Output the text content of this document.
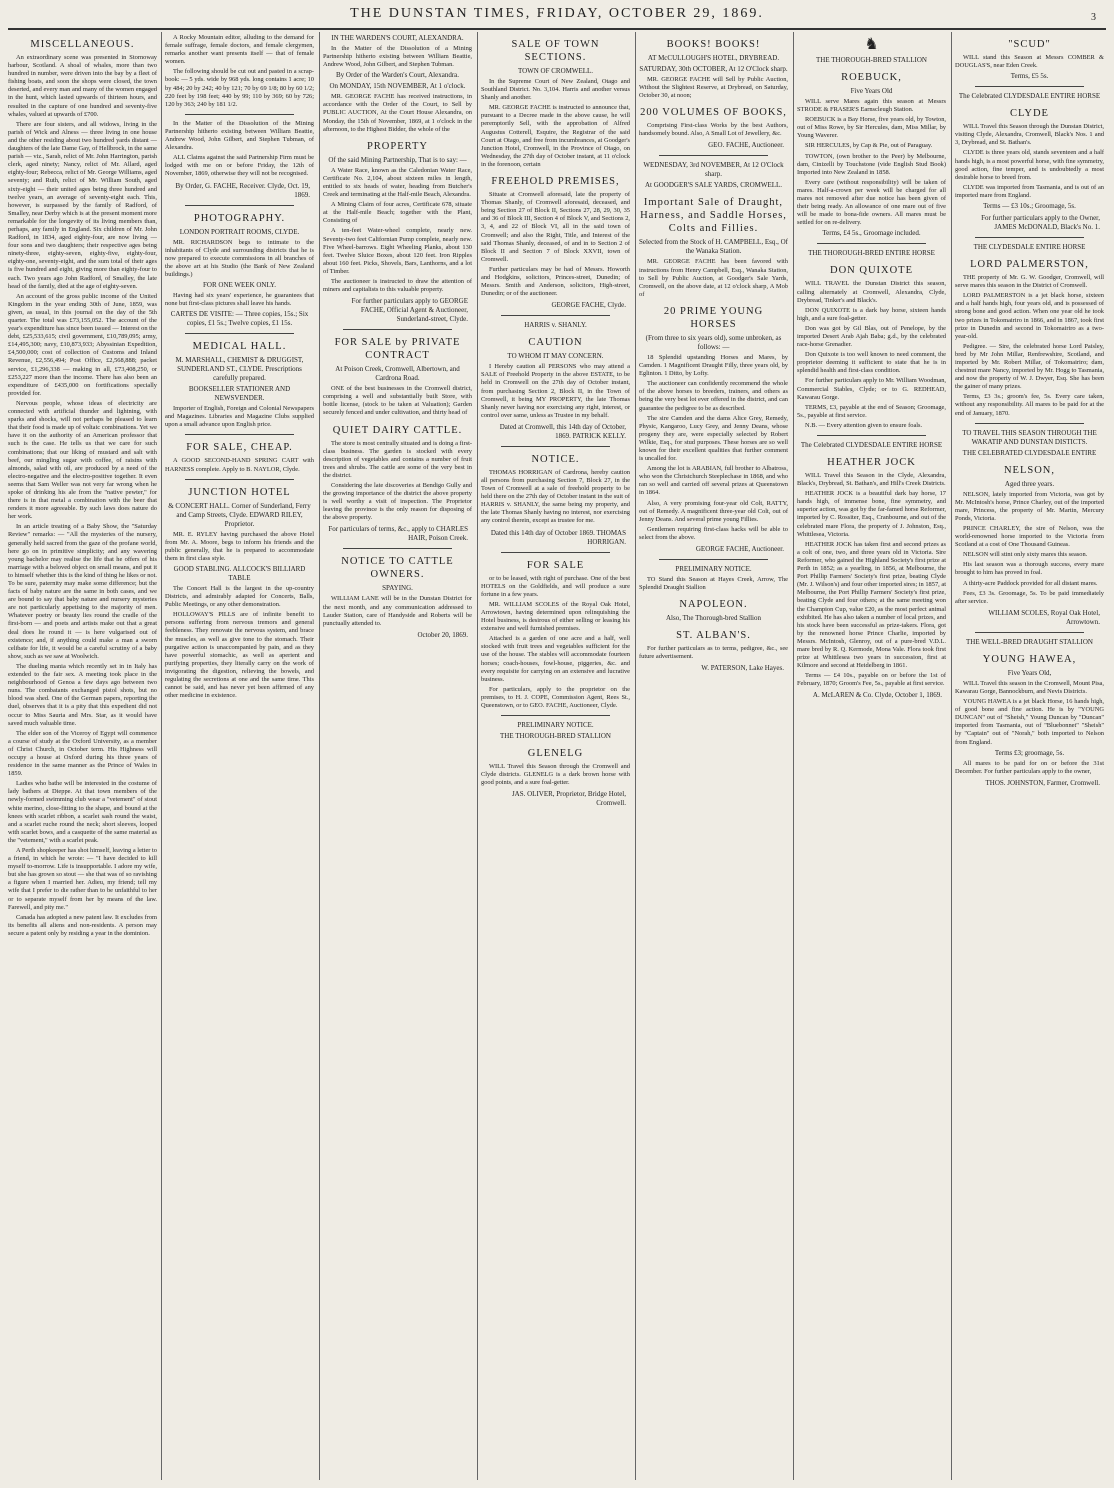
THE DUNSTAN TIMES, FRIDAY, OCTOBER 29, 1869.	3
MISCELLANEOUS.

An extraordinary scene was presented in Stornoway harbour, Scotland. A shoal of whales, more than two hundred in number, were driven into the bay by a fleet of fishing boats, and soon the shops were closed, the town deserted, and every man and many of the women engaged in the hunt, which lasted upwards of thirteen hours, and resulted in the capture of one hundred and seventy-five whales, valued at upwards of £700.

There are four sisters, and all widows, living in the parish of Wick and Alness — three living in one house and the other residing about two hundred yards distant — daughters of the late Dame Gay, of Hellbrock, in the same parish — viz., Sarah, relict of Mr. John Harrington, parish clerk, aged ninety; Nancy, relict of Mr. Allard, aged eighty-four; Rebecca, relict of Mr. George Williams, aged seventy; and Ruth, relict of Mr. William South, aged sixty-eight — their united ages being three hundred and twelve years, an average of seventy-eight each. This, however, is surpassed by the family of Radford, of Smalley, near Derby which is at the present moment more remarkable for the longevity of its living members than, perhaps, any family in England. Six children of Mr. John Radford, in 1834, aged eighty-four, are now living — four sons and two daughters; their respective ages being ninety-three, eighty-seven, eighty-five, eighty-four, eighty-one, seventy-eight, and the sum total of their ages is five hundred and eight, giving more than eighty-four to each. Two years ago John Radford, of Smalley, the late head of the family, died at the age of eighty-seven.

An account of the gross public income of the United Kingdom in the year ending 30th of June, 1859, was given, as usual, in this journal on the day of the 5th quarter. The total was £73,155,052. The account of the year's expenditure has since been issued — Interest on the debt, £25,533,615; civil government, £10,789,095; army, £14,495,300; navy, £10,873,933; Abyssinian Expedition, £4,500,000; cost of collection of Customs and Inland Revenue, £2,556,494; Post Office, £2,568,888; packet service, £1,296,338 — making in all, £73,408,250, or £253,227 more than the income. There has also been an expenditure of £435,000 on fortifications specially provided for.

Nervous people, whose ideas of electricity are connected with artificial thunder and lightning, with sparks and shocks, will not perhaps be pleased to learn that their food is made up of voltaic combinations. Yet we have it on the authority of an American professor that such is the case. He tells us that we care for such combinations; that our liking of mustard and salt with beef, our mingling sugar with coffee, of raisins with almonds, salad with oil, are produced by a need of the electro-negative and the electro-positive together. It even seems that Sam Weller was not very far wrong when he spoke of drinking his ale from the "native pewter," for there is in that metal a combination with the beer that renders it more agreeable. By such laws does nature do her work.

In an article treating of a Baby Show, the "Saturday Review" remarks: — "All the mysteries of the nursery, generally held sacred from the gaze of the profane world, here go on in primitive simplicity; and any wavering young bachelor may realise the life that he offers of his marriage with a beloved object on small means, and put it to himself whether this is the kind of thing he likes or not. To be sure, paternity may make some difference; but the facts of baby nature are the same in both cases, and we are bound to say that baby nature and nursery mysteries are not particularly appetising to the majority of men. Whatever poetry or beauty lies round the cradle of the first-born — and poets and artists make out that a great deal does lie round it — is here vulgarised out of existence; and, if anything could make a man a sworn celibate for life, it would be a careful scrutiny of a baby show, such as we saw at Woolwich.

The dueling mania which recently set in in Italy has extended to the fair sex. A meeting took place in the neighbourhood of Genoa a few days ago between two nuns. The combatants exchanged pistol shots, but no blood was shed. One of the German papers, reporting the duel, observes that it is a pity that this expedient did not occur to Miss Sauria and Mrs. Star, as it would have saved much valuable time.

The elder son of the Viceroy of Egypt will commence a course of study at the Oxford University, as a member of Christ Church, in October term. His Highness will occupy a house at Oxford during his three years of residence in the same manner as the Prince of Wales in 1859.

Ladies who bathe will be interested in the costume of lady bathers at Dieppe. At that town members of the newly-formed swimming club wear a "vetement" of stout white merino, close-fitting to the shape, and bound at the knees with scarlet ribbon, a scarlet sash round the waist, and a scarlet ruche round the neck; short sleeves, looped with scarlet bows, and a casquette of the same material as the "vetement," with a scarlet peak.

A Perth shopkeeper has shot himself, leaving a letter to a friend, in which he wrote: — "I have decided to kill myself to-morrow. Life is insupportable. I adore my wife, but she has grown so stout — she that was of so ravishing a figure when I married her. Adieu, my friend; tell my wife that I prefer to die rather than to be unfaithful to her or to separate myself from her by means of the law. Farewell, and pity me."

Canada has adopted a new patent law. It excludes from its benefits all aliens and non-residents. A person may secure a patent only by residing a year in the dominion.

A Rocky Mountain editor, alluding to the demand for female suffrage, female doctors, and female clergymen, remarks another want presents itself — that of female women.

The following should be cut out and pasted in a scrap-book: — 5 yds. wide by 968 yds. long contains 1 acre; 10 by 484; 20 by 242; 40 by 121; 70 by 69 1/8; 80 by 60 1/2; 220 feet by 198 feet; 440 by 99; 110 by 369; 60 by 726; 120 by 363; 240 by 181 1/2.

In the Matter of the Dissolution of the Mining Partnership hitherto existing between William Beattie, Andrew Wood, John Gilbert, and Stephen Tubman, of Alexandra.

ALL Claims against the said Partnership Firm must be lodged with me on or before Friday, the 12th of November, 1869, otherwise they will not be recognised.

By Order, G. FACHE, Receiver. Clyde, Oct. 19, 1869.
PHOTOGRAPHY.
LONDON PORTRAIT ROOMS, CLYDE.

MR. RICHARDSON begs to intimate to the inhabitants of Clyde and surrounding districts that he is now prepared to execute commissions in all branches of the above art at his Studio (the Bank of New Zealand buildings.)

FOR ONE WEEK ONLY.

Having had six years' experience, he guarantees that none but first-class pictures shall leave his hands.

CARTES DE VISITE: — Three copies, 15s.; Six copies, £1 5s.; Twelve copies, £1 15s.
MEDICAL HALL.
M. MARSHALL, CHEMIST & DRUGGIST, SUNDERLAND ST., CLYDE. Prescriptions carefully prepared.
BOOKSELLER STATIONER AND NEWSVENDER.

Importer of English, Foreign and Colonial Newspapers and Magazines. Libraries and Magazine Clubs supplied upon a small advance upon English price.

FOR SALE, CHEAP.

A GOOD SECOND-HAND SPRING CART with HARNESS complete. Apply to B. NAYLOR, Clyde.

JUNCTION HOTEL
& CONCERT HALL. Corner of Sunderland, Ferry and Camp Streets, Clyde. EDWARD RILEY, Proprietor.

MR. E. RYLEY having purchased the above Hotel from Mr. A. Moore, begs to inform his friends and the public generally, that he is prepared to accommodate them in first class style.

GOOD STABLING. ALLCOCK'S BILLIARD TABLE

The Concert Hall is the largest in the up-country Districts, and admirably adapted for Concerts, Balls, Public Meetings, or any other demonstration.

HOLLOWAY'S PILLS are of infinite benefit to persons suffering from nervous tremors and general feebleness. They renovate the nervous system, and brace the muscles, as well as give tone to the stomach. Their purgative action is unaccompanied by pain, and as they have powerful stomachic, as well as aperient and purifying properties, they literally carry on the work of invigorating the digestion, relieving the bowels, and regulating the secretions at one and the same time. This cannot be said, and has never yet been affirmed of any other medicine in existence.

IN THE WARDEN'S COURT, ALEXANDRA.

In the Matter of the Dissolution of a Mining Partnership hitherto existing between William Beattie, Andrew Wood, John Gilbert, and Stephen Tubman.

By Order of the Warden's Court, Alexandra.
On MONDAY, 15th NOVEMBER, At 1 o'clock.

MR. GEORGE FACHE has received instructions, in accordance with the Order of the Court, to Sell by PUBLIC AUCTION, At the Court House Alexandra, on Monday, the 15th of November, 1869, at 1 o'clock in the afternoon, to the Highest Bidder, the whole of the

PROPERTY
Of the said Mining Partnership, That is to say: —

A Water Race, known as the Caledonian Water Race, Certificate No. 2,104, about sixteen miles in length, entitled to six heads of water, heading from Butcher's Creek and terminating at the Half-mile Beach, Alexandra.

A Mining Claim of four acres, Certificate 678, situate at the Half-mile Beach; together with the Plant, Consisting of

A ten-feet Water-wheel complete, nearly new. Seventy-two feet Californian Pump complete, nearly new. Five Wheel-barrows. Eight Wheeling Planks, about 130 feet. Twelve Sluice Boxes, about 120 feet. Iron Ripples about 160 feet. Picks, Shovels, Bars, Lanthorns, and a lot of Timber.

The auctioneer is instructed to draw the attention of miners and capitalists to this valuable property.

For further particulars apply to GEORGE FACHE, Official Agent & Auctioneer, Sunderland-street, Clyde.
FOR SALE by PRIVATE CONTRACT
At Poison Creek, Cromwell, Albertown, and Cardrona Road.

ONE of the best businesses in the Cromwell district, comprising a well and substantially built Store, with bottle license, (stock to be taken at Valuation); Garden securely fenced and under cultivation, and thirty head of

QUIET DAIRY CATTLE.

The store is most centrally situated and is doing a first-class business. The garden is stocked with every description of vegetables and contains a number of fruit trees and shrubs. The cattle are some of the very best in the district.

Considering the late discoveries at Bendigo Gully and the growing importance of the district the above property is well worthy a visit of inspection. The Proprietor leaving the province is the only reason for disposing of the above property.

For particulars of terms, &c., apply to CHARLES HAIR, Poison Creek.
NOTICE TO CATTLE OWNERS.
SPAYING.

WILLIAM LANE will be in the Dunstan District for the next month, and any communication addressed to Lauder Station, care of Handyside and Roberts will be punctually attended to.

October 20, 1869.
SALE OF TOWN SECTIONS.
TOWN OF CROMWELL.

In the Supreme Court of New Zealand, Otago and Southland District. No. 3,104. Harris and another versus Shanly and another.

MR. GEORGE FACHE is instructed to announce that, pursuant to a Decree made in the above cause, he will peremptorily Sell, with the approbation of Alfred Augustus Cotterell, Esquire, the Registrar of the said Court at Otago, and free from incumbrances, at Goodger's Junction Hotel, Cromwell, in the Province of Otago, on Wednesday, the 27th day of October instant, at 11 o'clock in the forenoon, certain

FREEHOLD PREMISES,

Situate at Cromwell aforesaid, late the property of Thomas Shanly, of Cromwell aforesaid, deceased, and being Section 27 of Block II, Sections 27, 28, 29, 30, 35 and 36 of Block III, Section 4 of Block V, and Sections 2, 3, 4, and 22 of Block VI, all in the said town of Cromwell; and also the Right, Title, and Interest of the said Thomas Shanly, deceased, of and in to Section 2 of Block II and Section 7 of Block XXVII, town of Cromwell.

Further particulars may be had of Messrs. Howorth and Hodgkins, solicitors, Princes-street, Dunedin; of Messrs. Smith and Anderson, solicitors, High-street, Dunedin; or of the auctioneer.

GEORGE FACHE, Clyde.
HARRIS v. SHANLY.
CAUTION
TO WHOM IT MAY CONCERN.

I Hereby caution all PERSONS who may attend a SALE of Freehold Property in the above ESTATE, to be held in Cromwell on the 27th day of October instant, from purchasing Section 2, Block II, in the Town of Cromwell, it being MY PROPERTY, the late Thomas Shanly never having nor exercising any right, interest, or control over same, unless as Trustee in my behalf.

Dated at Cromwell, this 14th day of October, 1869. PATRICK KELLY.
NOTICE.

THOMAS HORRIGAN of Cardrona, hereby caution all persons from purchasing Section 7, Block 27, in the Town of Cromwell at a sale of freehold property to be held there on the 27th day of October instant in the suit of HARRIS v. SHANLY, the same being my property, and the late Thomas Shanly having no interest, nor exercising any control therein, except as trustee for me.

Dated this 14th day of October 1869. THOMAS HORRIGAN.
FOR SALE

or to be leased, with right of purchase. One of the best HOTELS on the Goldfields, and will produce a sure fortune in a few years.

MR. WILLIAM SCOLES of the Royal Oak Hotel, Arrowtown, having determined upon relinquishing the Hotel business, is desirous of either selling or leasing his extensive and well furnished premises.

Attached is a garden of one acre and a half, well stocked with fruit trees and vegetables sufficient for the use of the house. The stables will accommodate fourteen horses; coach-houses, fowl-house, piggeries, &c. and every requisite for carrying on an extensive and lucrative business.

For particulars, apply to the proprietor on the premises, to H. J. COPE, Commission Agent, Rees St., Queenstown, or to GEO. FACHE, Auctioneer, Clyde.

PRELIMINARY NOTICE.
THE THOROUGH-BRED STALLION
GLENELG

WILL Travel this Season through the Cromwell and Clyde districts. GLENELG is a dark brown horse with good points, and a sure foal-getter.

JAS. OLIVER, Proprietor, Bridge Hotel, Cromwell.
BOOKS! BOOKS!
AT McCULLOUGH'S HOTEL, DRYBREAD.
SATURDAY, 30th OCTOBER, At 12 O'Clock sharp.

MR. GEORGE FACHE will Sell by Public Auction, Without the Slightest Reserve, at Drybread, on Saturday, October 30, at noon;

200 VOLUMES OF BOOKS,

Comprising First-class Works by the best Authors, handsomely bound. Also, A Small Lot of Jewellery, &c.

GEO. FACHE, Auctioneer.
WEDNESDAY, 3rd NOVEMBER, At 12 O'Clock sharp.
At GOODGER'S SALE YARDS, CROMWELL.
Important Sale of Draught, Harness, and Saddle Horses, Colts and Fillies.
Selected from the Stock of H. CAMPBELL, Esq., Of the Wanaka Station.

MR. GEORGE FACHE has been favored with instructions from Henry Campbell, Esq., Wanaka Station, to Sell by Public Auction, at Goodger's Sale Yards, Cromwell, on the above date, at 12 o'clock sharp, A Mob of

20 PRIME YOUNG HORSES
(From three to six years old), some unbroken, as follows: —

18 Splendid upstanding Horses and Mares, by Camden. 1 Magnificent Draught Filly, three years old, by Eglinton. 1 Ditto, by Lofty.

The auctioneer can confidently recommend the whole of the above horses to breeders, trainers, and others as being the very best lot ever offered in the district, and can guarantee the pedigree to be as described.

The sire Camden and the dams Alice Grey, Remedy, Physic, Kangaroo, Lucy Grey, and Jenny Deans, whose progeny they are, were especially selected by Robert Wilkie, Esq., for stud purposes. These horses are so well known for their excellent qualities that further comment is uncalled for.

Among the lot is ARABIAN, full brother to Albatross, who won the Christchurch Steeplechase in 1868, and who ran so well and carried off several prizes at Queenstown in 1864.

Also, A very promising four-year old Colt, RATTY, out of Remedy. A magnificent three-year old Colt, out of Jenny Deans. And several prime young Fillies.

Gentlemen requiring first-class hacks will be able to select from the above.

GEORGE FACHE, Auctioneer.
PRELIMINARY NOTICE.

TO Stand this Season at Hayes Creek, Arrow, The Splendid Draught Stallion

NAPOLEON.
Also, The Thorough-bred Stallion
ST. ALBAN'S.

For further particulars as to terms, pedigree, &c., see future advertisement.

W. PATERSON, Lake Hayes.
♞
THE THOROUGH-BRED STALLION
ROEBUCK,
Five Years Old

WILL serve Mares again this season at Messrs STRODE & FRASER'S Earnscleugh Station.

ROEBUCK is a Bay Horse, five years old, by Towton, out of Miss Rowe, by Sir Hercules, dam, Miss Millar, by Young Waverer.

SIR HERCULES, by Cap & Pie, out of Paraguay.

TOWTON, (own brother to the Peer) by Melbourne, dam, Cinizelli by Touchstone (vide English Stud Book) Imported into New Zealand in 1858.

Every care (without responsibility) will be taken of mares. Half-a-crown per week will be charged for all mares not removed after due notice has been given of their being ready. An allowance of one mare out of five will be made to bona-fide owners. All mares must be settled for on re-delivery.

Terms, £4 5s., Groomage included.
THE THOROUGH-BRED ENTIRE HORSE
DON QUIXOTE

WILL TRAVEL the Dunstan District this season, calling alternately at Cromwell, Alexandra, Clyde, Drybread, Tinker's and Black's.

DON QUIXOTE is a dark bay horse, sixteen hands high, and a sure foal-getter.

Don was got by Gil Blas, out of Penelope, by the imported Desert Arab Ajah Baba; g.d., by the celebrated race-horse Grenadier.

Don Quixote is too well known to need comment, the proprietor deeming it sufficient to state that he is in splendid health and first-class condition.

For further particulars apply to Mr. William Woodman, Commercial Stables, Clyde; or to G. REDHEAD, Kawarau Gorge.

TERMS, £3, payable at the end of Season; Groomage, 5s., payable at first service.

N.B. — Every attention given to ensure foals.

The Celebrated CLYDESDALE ENTIRE HORSE
HEATHER JOCK

WILL Travel this Season in the Clyde, Alexandra, Black's, Drybread, St. Bathan's, and Hill's Creek Districts.

HEATHER JOCK is a beautiful dark bay horse, 17 hands high, of immense bone, fine symmetry, and superior action, was got by the far-famed horse Reformer, imported by C. Rossiter, Esq., Cranbourne, and out of the celebrated mare Flora, the property of J. Johnston, Esq., Whittlesea, Victoria.

HEATHER JOCK has taken first and second prizes as a colt of one, two, and three years old in Victoria. Sire Reformer, who gained the Highland Society's first prize at Perth in 1852; as a yearling, in 1856, at Melbourne, the Port Phillip Farmers' Society's first prize, beating Clyde (Mr. J. Wilson's) and four other imported sires; in 1857, at Melbourne, the Port Phillip Farmers' Society's first prize, beating Clyde and four others; at the same meeting won the Champion Cup, value £20, as the most perfect animal exhibited. He has also taken a number of local prizes, and his stock have been successful as prize-takers. Flora, got by the renowned horse Prince Charlie, imported by Messrs. McIntosh, Glenroy, out of a pure-bred V.D.L. mare bred by R. Q. Kermode, Mona Vale. Flora took first prize at Whittlesea two years in succession, first at Kilmore and second at Heidelberg in 1861.

Terms — £4 10s., payable on or before the 1st of February, 1870; Groom's Fee, 5s., payable at first service.

A. McLAREN & Co. Clyde, October 1, 1869.
"SCUD"

WILL stand this Season at Messrs COMBER & DOUGLAS'S, near Eden Creek.

Terms, £5 5s.
The Celebrated CLYDESDALE ENTIRE HORSE
CLYDE

WILL Travel this Season through the Dunstan District, visiting Clyde, Alexandra, Cromwell, Black's Nos. 1 and 3, Drybread, and St. Bathan's.

CLYDE is three years old, stands seventeen and a half hands high, is a most powerful horse, with fine symmetry, good action, fine temper, and is undoubtedly a most desirable horse to breed from.

CLYDE was imported from Tasmania, and is out of an imported mare from England.

Terms — £3 10s.; Groomage, 5s.
For further particulars apply to the Owner, JAMES McDONALD, Black's No. 1.
THE CLYDESDALE ENTIRE HORSE
LORD PALMERSTON,

THE property of Mr. G. W. Goodger, Cromwell, will serve mares this season in the District of Cromwell.

LORD PALMERSTON is a jet black horse, sixteen and a half hands high, four years old, and is possessed of strong bone and good action. When one year old he took two prizes in Tokomairiro in 1866, and in 1867, took first prize in Dunedin and second in Tokomairiro as a two-year-old.

Pedigree. — Sire, the celebrated horse Lord Paisley, bred by Mr John Millar, Renfrewshire, Scotland, and imported by Mr. Robert Millar, of Tokomairiro; dam, chestnut mare Nancy, imported by Mr. Hogg to Tasmania, and now the property of W. J. Dwyer, Esq. She has been the gainer of many prizes.

Terms, £3 3s.; groom's fee, 5s. Every care taken, without any responsibility. All mares to be paid for at the end of January, 1870.

TO TRAVEL THIS SEASON THROUGH THE WAKATIP AND DUNSTAN DISTICTS.
THE CELEBRATED CLYDESDALE ENTIRE
NELSON,
Aged three years.

NELSON, lately imported from Victoria, was got by Mr. McIntosh's horse, Prince Charley, out of the imported mare, Princess, the property of Mr. Martin, Mercury Ponds, Victoria.

PRINCE CHARLEY, the sire of Nelson, was the world-renowned horse imported to the Victoria from Scotland at a cost of One Thousand Guineas.

NELSON will stint only sixty mares this season.

His last season was a thorough success, every mare brought to him has proved in foal.

A thirty-acre Paddock provided for all distant mares.

Fees, £3 3s. Groomage, 5s. To be paid immediately after service.

WILLIAM SCOLES, Royal Oak Hotel, Arrowtown.
THE WELL-BRED DRAUGHT STALLION
YOUNG HAWEA,
Five Years Old,

WILL Travel this season in the Cromwell, Mount Pisa, Kawarau Gorge, Bannockburn, and Nevis Districts.

YOUNG HAWEA is a jet black Horse, 16 hands high, of good bone and fine action. He is by "YOUNG DUNCAN" out of "Sheish," Young Duncan by "Duncan" imported from Tasmania, out of "Bluebonnet" "Sheish" by "Captain" out of "Norah," both imported to Nelson from England.

Terms £3; groomage, 5s.

All mares to be paid for on or before the 31st December. For further particulars apply to the owner,

THOS. JOHNSTON, Farmer, Cromwell.
